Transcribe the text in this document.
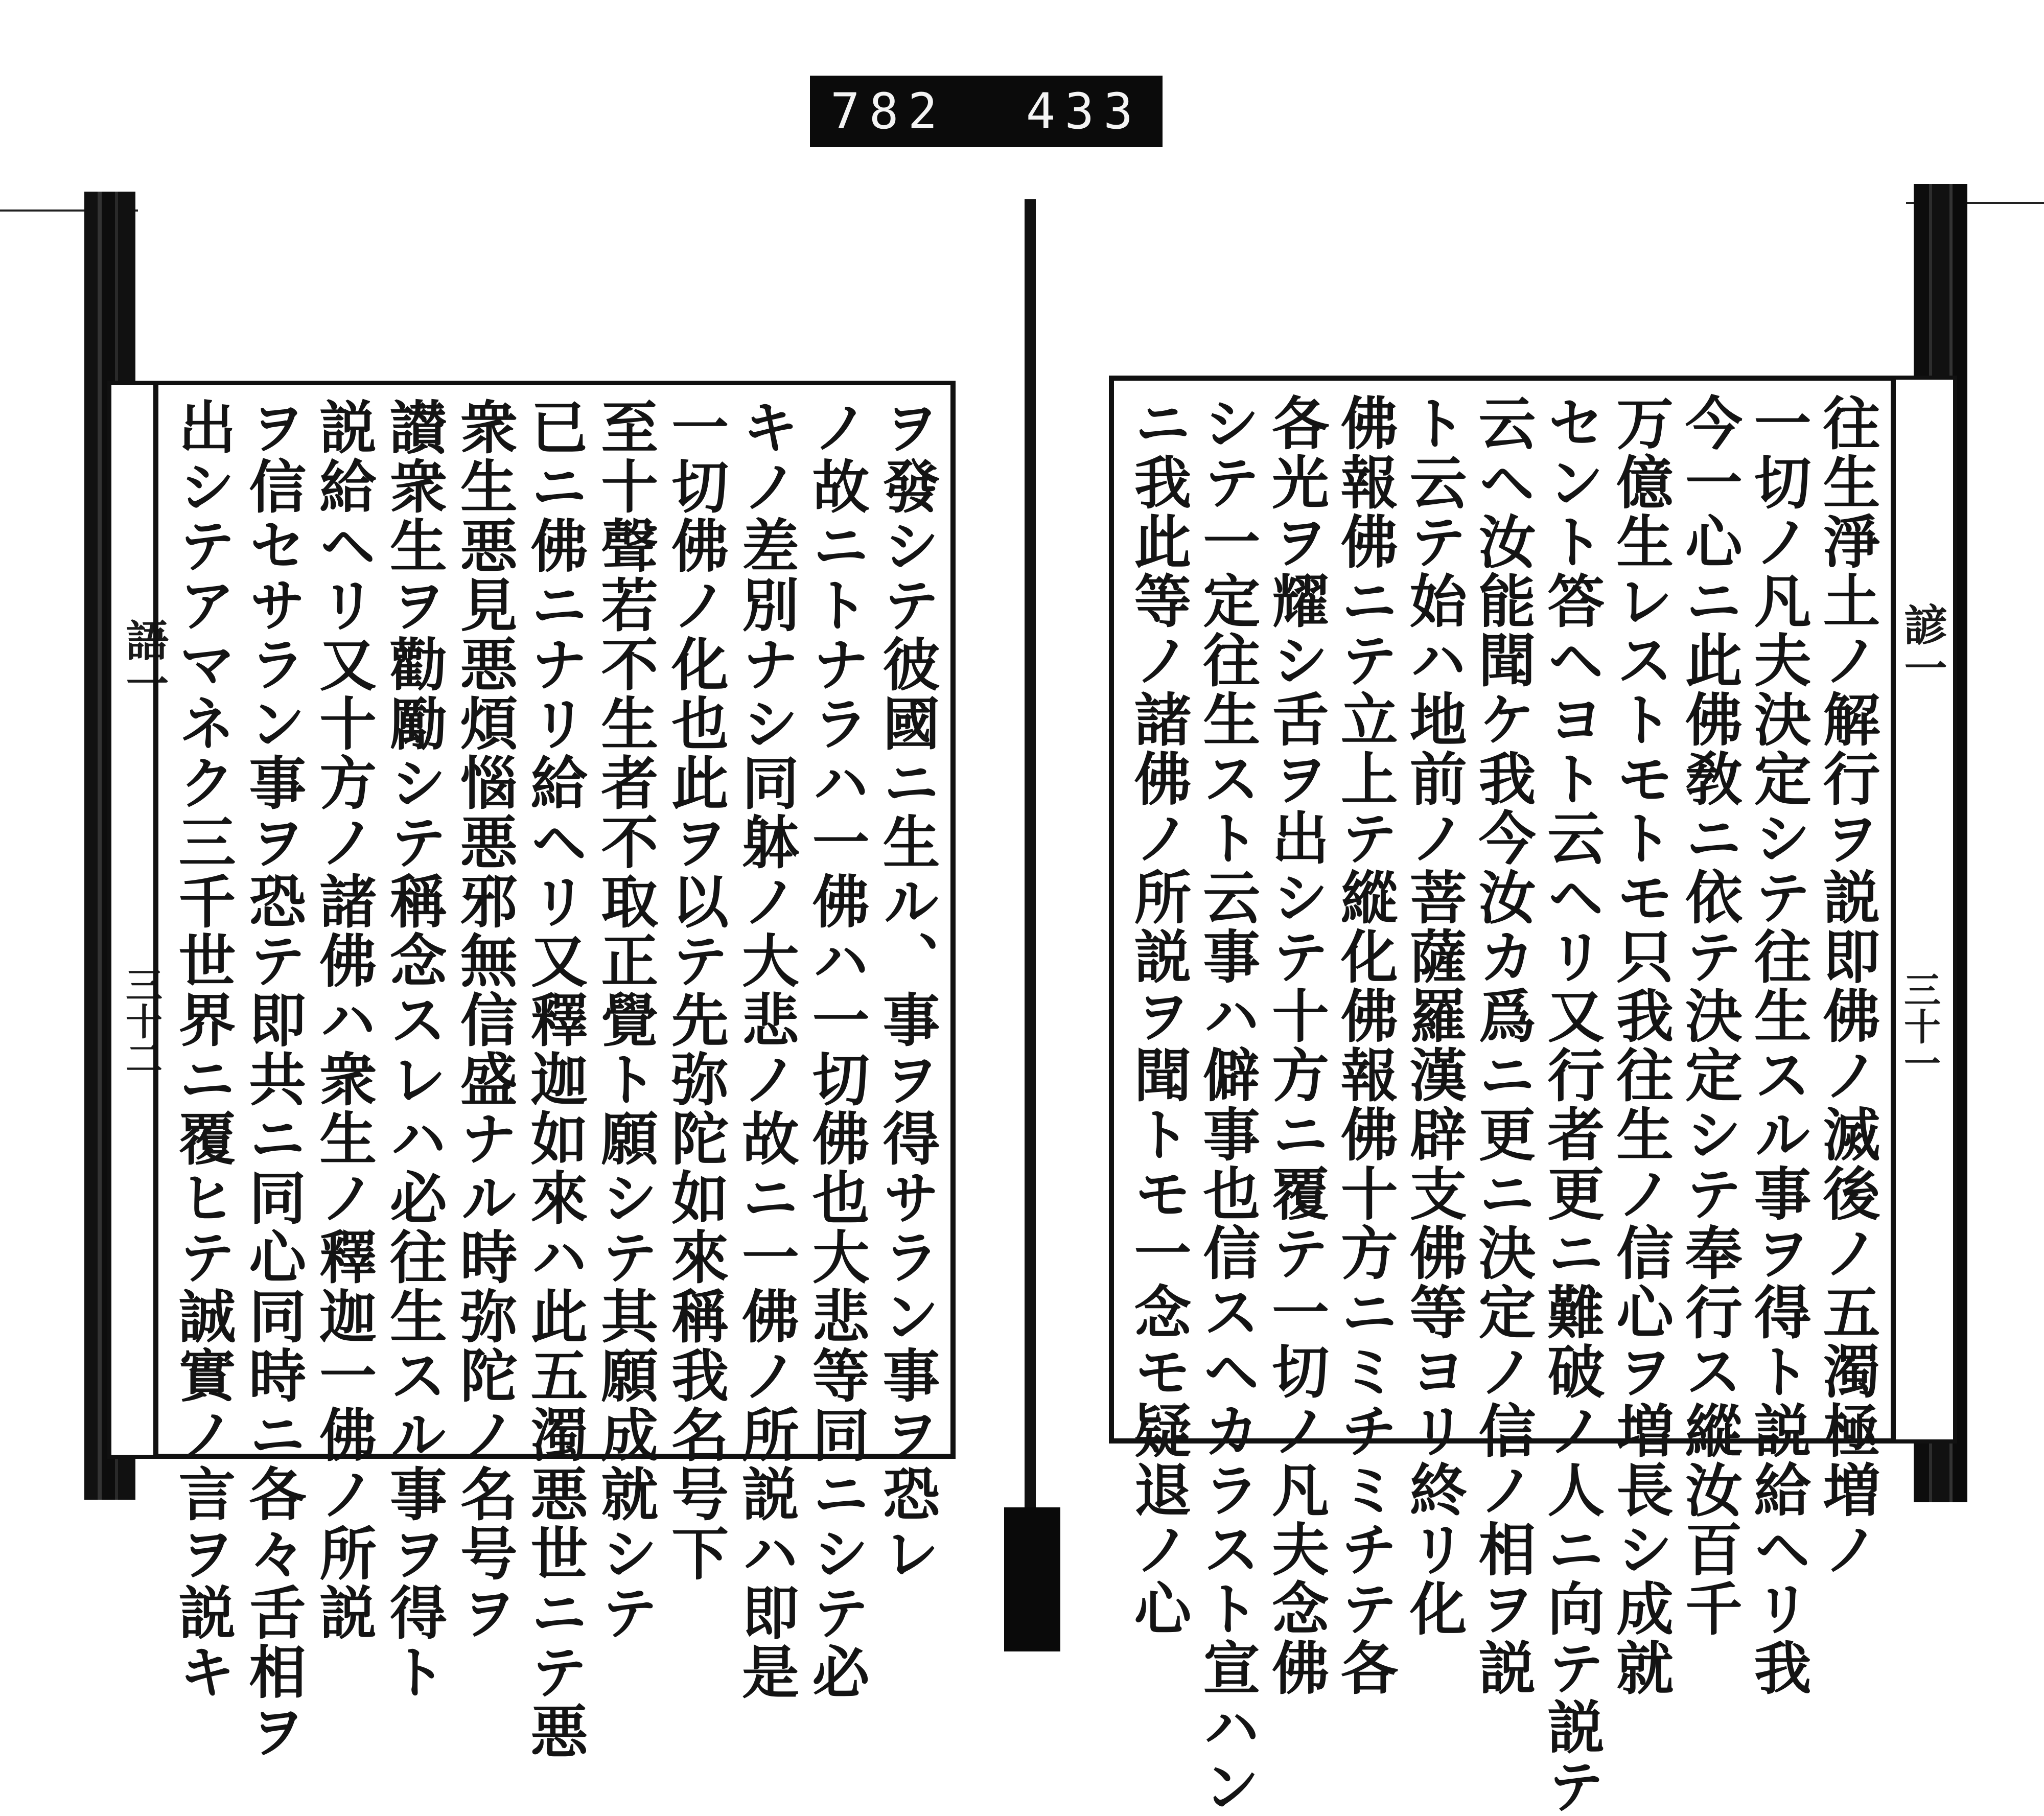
782 433
語一
三十二	ヲ發シテ彼國ニ生ル、事ヲ得サラン事ヲ恐レ
ノ故ニトナラハ一佛ハ一切佛也大悲等同ニシテ必
キノ差別ナシ同躰ノ大悲ノ故ニ一佛ノ所説ハ即是
一切佛ノ化也此ヲ以テ先弥陀如來稱我名号下
至十聲若不生者不取正覺ト願シテ其願成就シテ
已ニ佛ニナリ給ヘリ又釋迦如來ハ此五濁悪世ニテ悪
衆生悪見悪煩惱悪邪無信盛ナル時弥陀ノ名号ヲ
讃衆生ヲ勸勵シテ稱念スレハ必往生スル事ヲ得ト
説給ヘリ又十方ノ諸佛ハ衆生ノ釋迦一佛ノ所説
ヲ信セサラン事ヲ恐テ即共ニ同心同時ニ各々舌相ヲ
出シテアマネク三千世界ニ覆ヒテ誠實ノ言ヲ説キ	諺一
三十一
往生淨土ノ解行ヲ説即佛ノ滅後ノ五濁極増ノ
一切ノ凡夫決定シテ往生スル事ヲ得ト説給ヘリ我
今一心ニ此佛敎ニ依テ決定シテ奉行ス縱汝百千
万億生レストモトモ只我往生ノ信心ヲ増長シ成就
セント答ヘヨト云ヘリ又行者更ニ難破ノ人ニ向テ説テ
云ヘ汝能聞ケ我今汝カ爲ニ更ニ決定ノ信ノ相ヲ説
ト云テ始ハ地前ノ菩薩羅漢辟支佛等ヨリ終リ化
佛報佛ニテ立上テ縱化佛報佛十方ニミチミチテ各
各光ヲ耀シ舌ヲ出シテ十方ニ覆テ一切ノ凡夫念佛
シテ一定往生スト云事ハ僻事也信スヘカラスト宣ハン
ニ我此等ノ諸佛ノ所説ヲ聞トモ一念モ疑退ノ心
